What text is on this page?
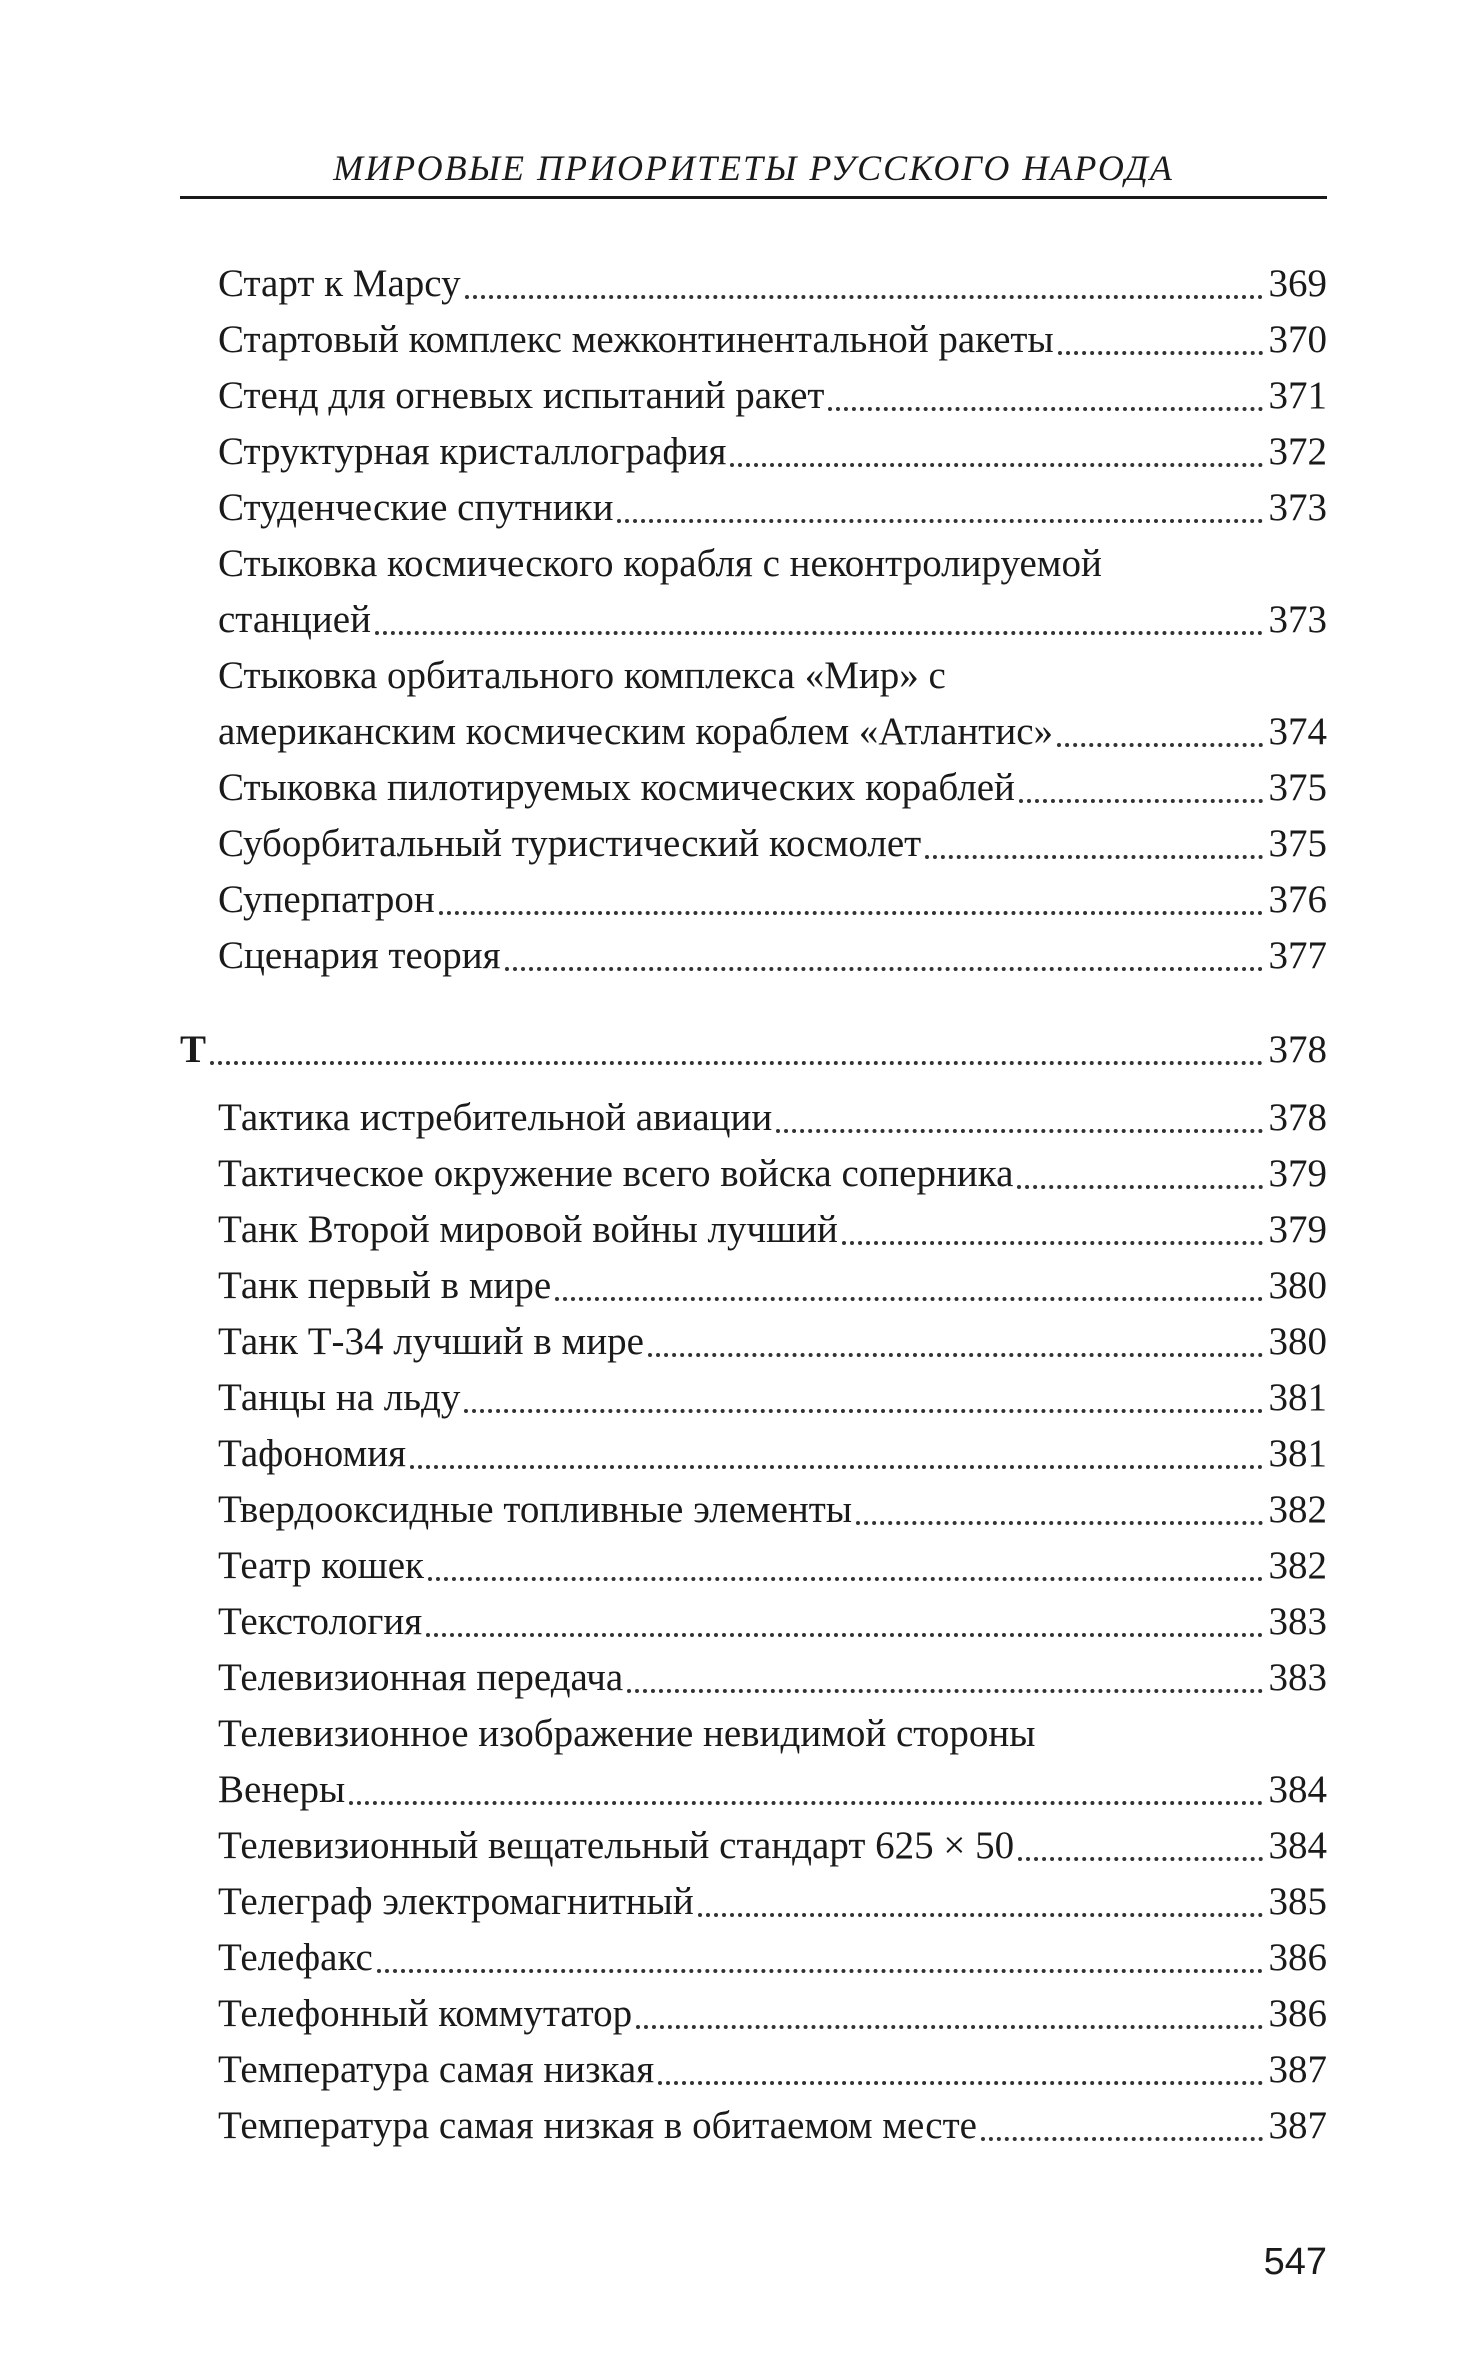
МИРОВЫЕ ПРИОРИТЕТЫ РУССКОГО НАРОДА
Старт к Марсу	369
Стартовый комплекс межконтинентальной ракеты	370
Стенд для огневых испытаний ракет	371
Структурная кристаллография	372
Студенческие спутники	373
Стыковка космического корабля с неконтролируемой
станцией	373
Стыковка орбитального комплекса «Мир» с
американским космическим кораблем «Атлантис»	374
Стыковка пилотируемых космических кораблей	375
Суборбитальный туристический космолет	375
Суперпатрон	376
Сценария теория	377
Т	378
Тактика истребительной авиации	378
Тактическое окружение всего войска соперника	379
Танк Второй мировой войны лучший	379
Танк первый в мире	380
Танк Т-34 лучший в мире	380
Танцы на льду	381
Тафономия	381
Твердооксидные топливные элементы	382
Театр кошек	382
Текстология	383
Телевизионная передача	383
Телевизионное изображение невидимой стороны
Венеры	384
Телевизионный вещательный стандарт 625 × 50	384
Телеграф электромагнитный	385
Телефакс	386
Телефонный коммутатор	386
Температура самая низкая	387
Температура самая низкая в обитаемом месте	387
547
